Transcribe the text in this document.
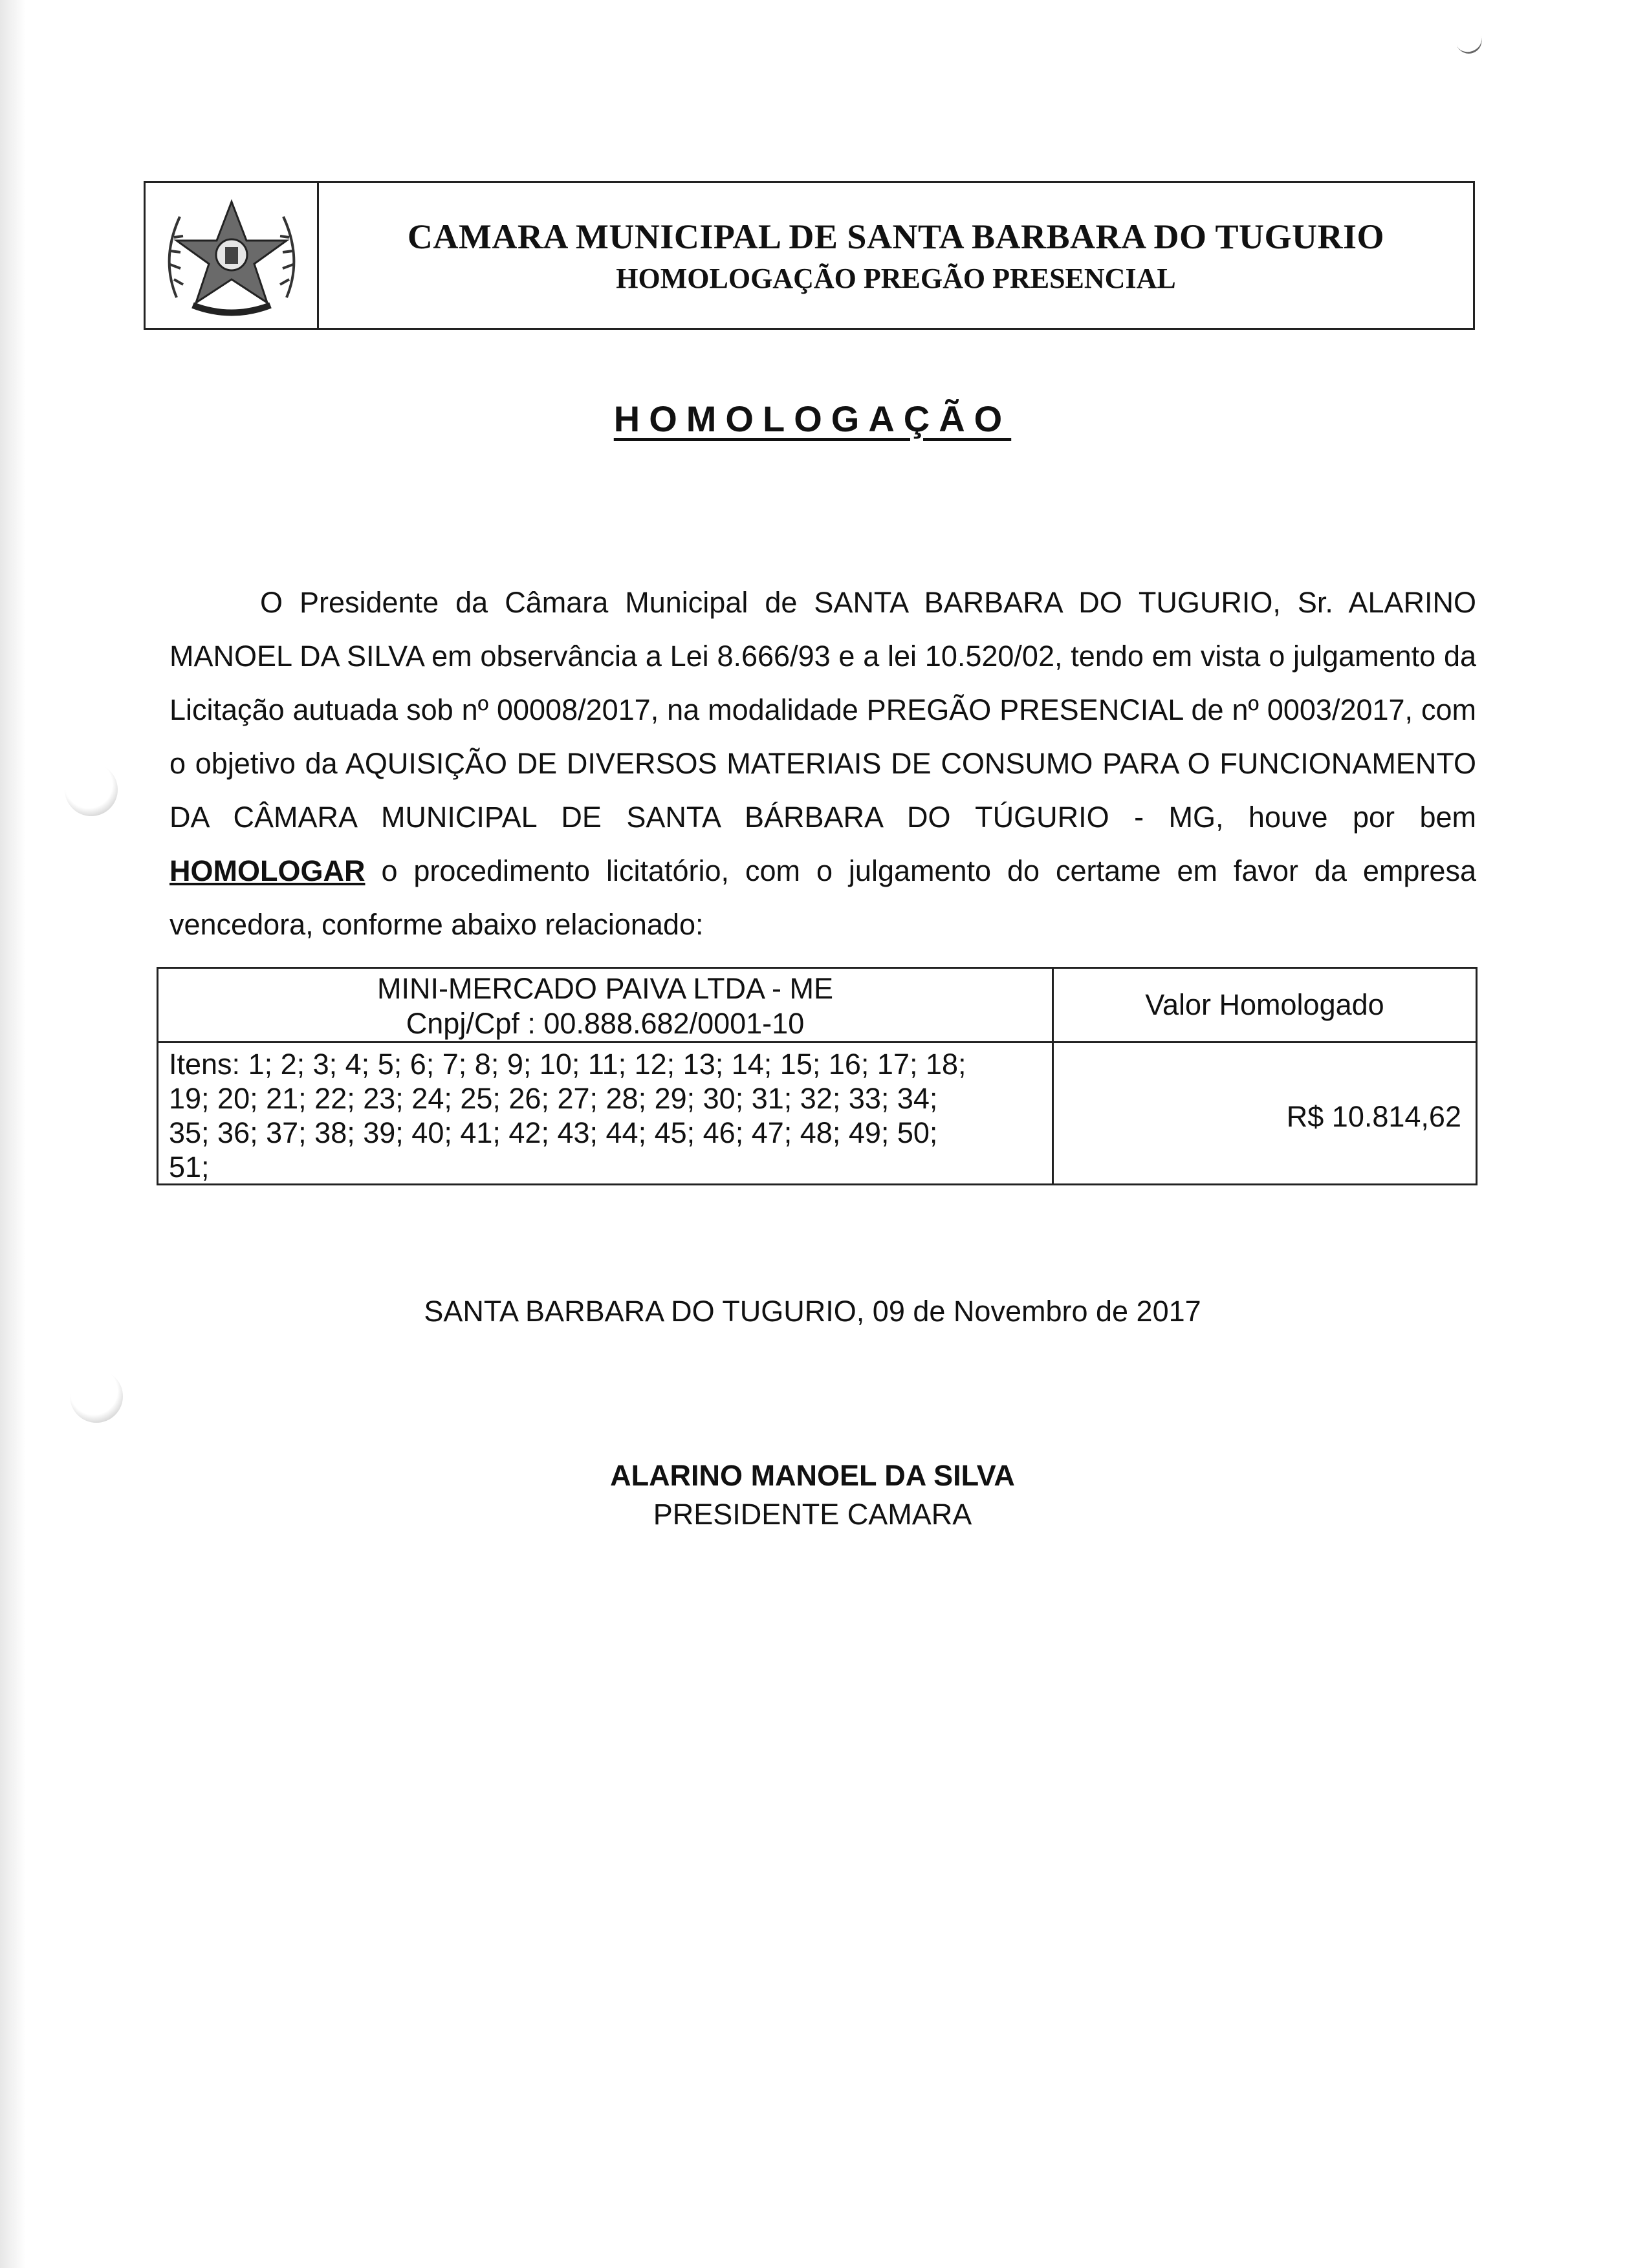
CAMARA MUNICIPAL DE SANTA BARBARA DO TUGURIO
HOMOLOGAÇÃO PREGÃO PRESENCIAL
HOMOLOGAÇÃO

O Presidente da Câmara Municipal de SANTA BARBARA DO TUGURIO, Sr. ALARINO MANOEL DA SILVA em observância a Lei 8.666/93 e a lei 10.520/02, tendo em vista o julgamento da Licitação autuada sob nº 00008/2017, na modalidade PREGÃO PRESENCIAL de nº 0003/2017, com o objetivo da AQUISIÇÃO DE DIVERSOS MATERIAIS DE CONSUMO PARA O FUNCIONAMENTO DA CÂMARA MUNICIPAL DE SANTA BÁRBARA DO TÚGURIO - MG, houve por bem HOMOLOGAR o procedimento licitatório, com o julgamento do certame em favor da empresa vencedora, conforme abaixo relacionado:

MINI-MERCADO PAIVA LTDA - ME
Cnpj/Cpf : 00.888.682/0001-10
Valor Homologado
Itens: 1; 2; 3; 4; 5; 6; 7; 8; 9; 10; 11; 12; 13; 14; 15; 16; 17; 18;
19; 20; 21; 22; 23; 24; 25; 26; 27; 28; 29; 30; 31; 32; 33; 34;
35; 36; 37; 38; 39; 40; 41; 42; 43; 44; 45; 46; 47; 48; 49; 50;
51;
R$ 10.814,62
SANTA BARBARA DO TUGURIO, 09 de Novembro de 2017
ALARINO MANOEL DA SILVA
PRESIDENTE CAMARA
